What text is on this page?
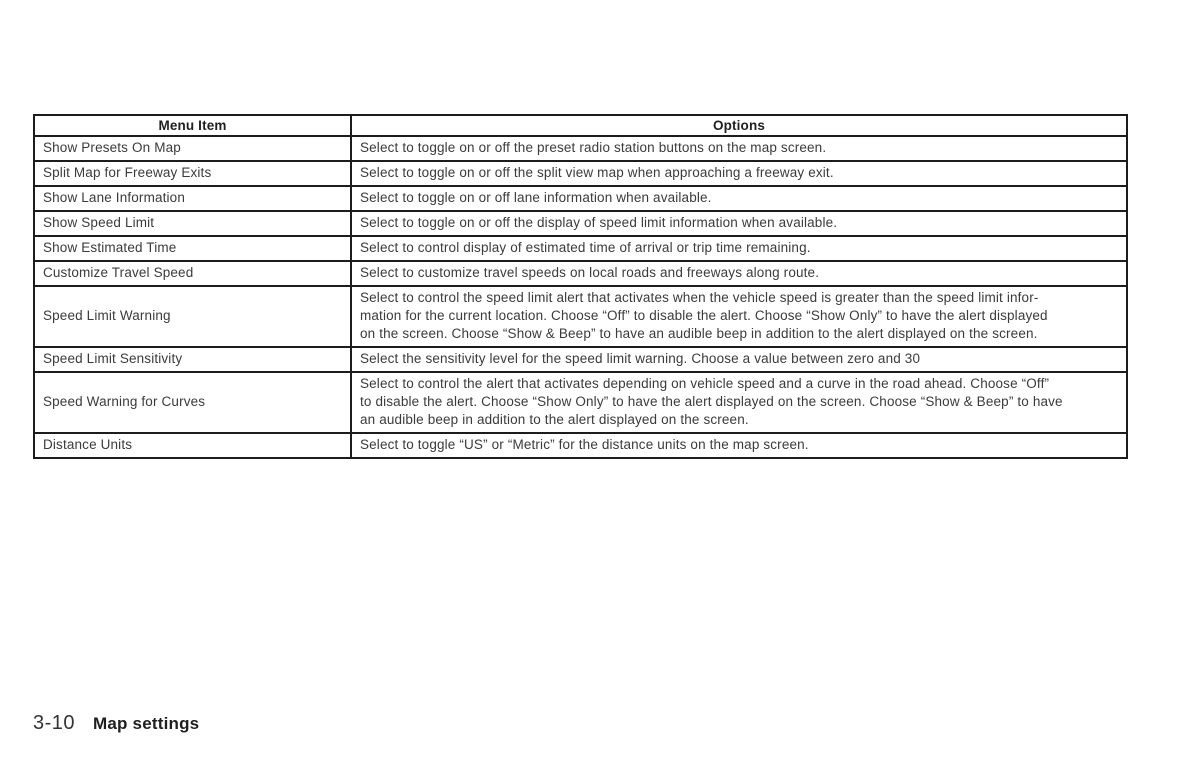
Menu Item	Options
Show Presets On Map	Select to toggle on or off the preset radio station buttons on the map screen.
Split Map for Freeway Exits	Select to toggle on or off the split view map when approaching a freeway exit.
Show Lane Information	Select to toggle on or off lane information when available.
Show Speed Limit	Select to toggle on or off the display of speed limit information when available.
Show Estimated Time	Select to control display of estimated time of arrival or trip time remaining.
Customize Travel Speed	Select to customize travel speeds on local roads and freeways along route.
Speed Limit Warning	Select to control the speed limit alert that activates when the vehicle speed is greater than the speed limit infor-
mation for the current location. Choose “Off” to disable the alert. Choose “Show Only” to have the alert displayed
on the screen. Choose “Show & Beep” to have an audible beep in addition to the alert displayed on the screen.
Speed Limit Sensitivity	Select the sensitivity level for the speed limit warning. Choose a value between zero and 30
Speed Warning for Curves	Select to control the alert that activates depending on vehicle speed and a curve in the road ahead. Choose “Off”
to disable the alert. Choose “Show Only” to have the alert displayed on the screen. Choose “Show & Beep” to have
an audible beep in addition to the alert displayed on the screen.
Distance Units	Select to toggle “US” or “Metric” for the distance units on the map screen.
3-10 Map settings
